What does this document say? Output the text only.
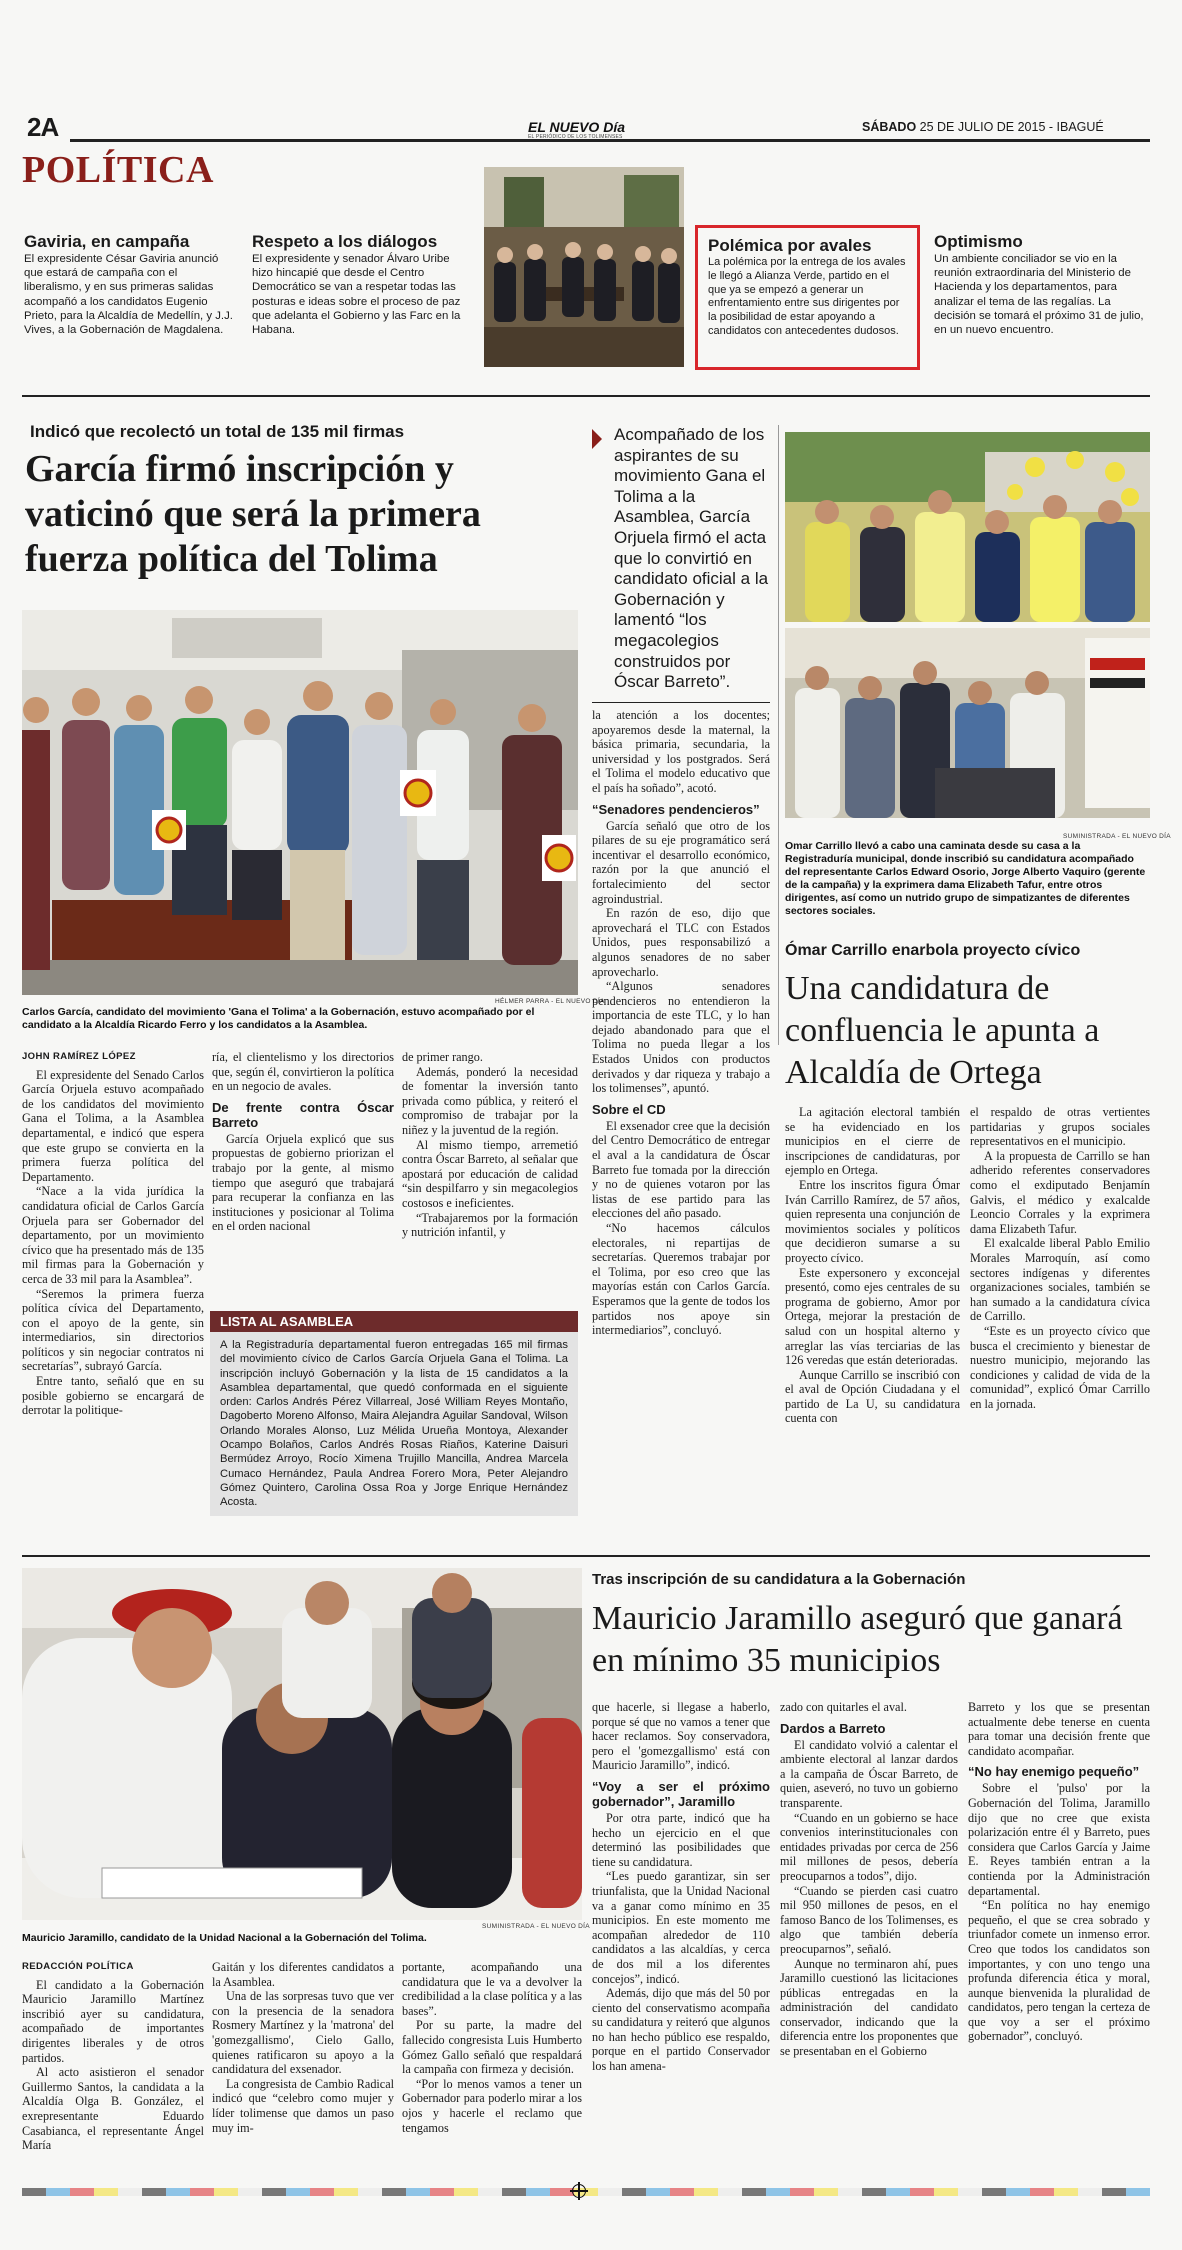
2A
POLÍTICA
EL NUEVO Día
EL PERIÓDICO DE LOS TOLIMENSES
SÁBADO 25 DE JULIO DE 2015 - IBAGUÉ
Gaviria, en campaña
El expresidente César Gaviria anunció que estará de campaña con el liberalismo, y en sus primeras salidas acompañó a los candidatos Eugenio Prieto, para la Alcaldía de Medellín, y J.J. Vives, a la Gobernación de Magdalena.
Respeto a los diálogos
El expresidente y senador Álvaro Uribe hizo hincapié que desde el Centro Democrático se van a respetar todas las posturas e ideas sobre el proceso de paz que adelanta el Gobierno y las Farc en la Habana.
Polémica por avales
La polémica por la entrega de los avales le llegó a Alianza Verde, partido en el que ya se empezó a generar un enfrentamiento entre sus dirigentes por la posibilidad de estar apoyando a candidatos con antecedentes dudosos.
Optimismo
Un ambiente conciliador se vio en la reunión extraordinaria del Ministerio de Hacienda y los departamentos, para analizar el tema de las regalías. La decisión se tomará el próximo 31 de julio, en un nuevo encuentro.
Indicó que recolectó un total de 135 mil firmas
García firmó inscripción y vaticinó que será la primera fuerza política del Tolima
HÉLMER PARRA - EL NUEVO DÍA
Carlos García, candidato del movimiento 'Gana el Tolima' a la Gobernación, estuvo acompañado por el candidato a la Alcaldía Ricardo Ferro y los candidatos a la Asamblea.
JOHN RAMÍREZ LÓPEZ

El expresidente del Senado Carlos García Orjuela estuvo acompañado de los candidatos del movimiento Gana el Tolima, a la Asamblea departamental, e indicó que espera que este grupo se convierta en la primera fuerza política del Departamento.

“Nace a la vida jurídica la candidatura oficial de Carlos García Orjuela para ser Gobernador del departamento, por un movimiento cívico que ha presentado más de 135 mil firmas para la Gobernación y cerca de 33 mil para la Asamblea”.

“Seremos la primera fuerza política cívica del Departamento, con el apoyo de la gente, sin intermediarios, sin directorios políticos y sin negociar contratos ni secretarías”, subrayó García.

Entre tanto, señaló que en su posible gobierno se encargará de derrotar la politique-

ría, el clientelismo y los directorios que, según él, convirtieron la política en un negocio de avales.

De frente contra Óscar Barreto

García Orjuela explicó que sus propuestas de gobierno priorizan el trabajo por la gente, al mismo tiempo que aseguró que trabajará para recuperar la confianza en las instituciones y posicionar al Tolima en el orden nacional

de primer rango.

Además, ponderó la necesidad de fomentar la inversión tanto privada como pública, y reiteró el compromiso de trabajar por la niñez y la juventud de la región.

Al mismo tiempo, arremetió contra Óscar Barreto, al señalar que apostará por educación de calidad “sin despilfarro y sin megacolegios costosos e ineficientes.

“Trabajaremos por la formación y nutrición infantil, y

LISTA AL ASAMBLEA
A la Registraduría departamental fueron entregadas 165 mil firmas del movimiento cívico de Carlos García Orjuela Gana el Tolima. La inscripción incluyó Gobernación y la lista de 15 candidatos a la Asamblea departamental, que quedó conformada en el siguiente orden: Carlos Andrés Pérez Villarreal, José William Reyes Montaño, Dagoberto Moreno Alfonso, Maira Alejandra Aguilar Sandoval, Wilson Orlando Morales Alonso, Luz Mélida Urueña Montoya, Alexander Ocampo Bolaños, Carlos Andrés Rosas Riaños, Katerine Daisuri Bermúdez Arroyo, Rocío Ximena Trujillo Mancilla, Andrea Marcela Cumaco Hernández, Paula Andrea Forero Mora, Peter Alejandro Gómez Quintero, Carolina Ossa Roa y Jorge Enrique Hernández Acosta.
Acompañado de los aspirantes de su movimiento Gana el Tolima a la Asamblea, García Orjuela firmó el acta que lo convirtió en candidato oficial a la Gobernación y lamentó “los megacolegios construidos por Óscar Barreto”.

la atención a los docentes; apoyaremos desde la maternal, la básica primaria, secundaria, la universidad y los postgrados. Será el Tolima el modelo educativo que el país ha soñado”, acotó.

“Senadores pendencieros”

García señaló que otro de los pilares de su eje programático será incentivar el desarrollo económico, razón por la que anunció el fortalecimiento del sector agroindustrial.

En razón de eso, dijo que aprovechará el TLC con Estados Unidos, pues responsabilizó a algunos senadores de no saber aprovecharlo.

“Algunos senadores pendencieros no entendieron la importancia de este TLC, y lo han dejado abandonado para que el Tolima no pueda llegar a los Estados Unidos con productos derivados y dar riqueza y trabajo a los tolimenses”, apuntó.

Sobre el CD

El exsenador cree que la decisión del Centro Democrático de entregar el aval a la candidatura de Óscar Barreto fue tomada por la dirección y no de quienes votaron por las listas de ese partido para las elecciones del año pasado.

“No hacemos cálculos electorales, ni repartijas de secretarías. Queremos trabajar por el Tolima, por eso creo que las mayorías están con Carlos García. Esperamos que la gente de todos los partidos nos apoye sin intermediarios”, concluyó.

SUMINISTRADA - EL NUEVO DÍA
Omar Carrillo llevó a cabo una caminata desde su casa a la Registraduría municipal, donde inscribió su candidatura acompañado del representante Carlos Edward Osorio, Jorge Alberto Vaquiro (gerente de la campaña) y la exprimera dama Elizabeth Tafur, entre otros dirigentes, así como un nutrido grupo de simpatizantes de diferentes sectores sociales.
Ómar Carrillo enarbola proyecto cívico
Una candidatura de confluencia le apunta a Alcaldía de Ortega

La agitación electoral también se ha evidenciado en los municipios en el cierre de inscripciones de candidaturas, por ejemplo en Ortega.

Entre los inscritos figura Ómar Iván Carrillo Ramírez, de 57 años, quien representa una conjunción de movimientos sociales y políticos que decidieron sumarse a su proyecto cívico.

Este expersonero y exconcejal presentó, como ejes centrales de su programa de gobierno, Amor por Ortega, mejorar la prestación de salud con un hospital alterno y arreglar las vías terciarias de las 126 veredas que están deterioradas.

Aunque Carrillo se inscribió con el aval de Opción Ciudadana y el partido de La U, su candidatura cuenta con

el respaldo de otras vertientes partidarias y grupos sociales representativos en el municipio.

A la propuesta de Carrillo se han adherido referentes conservadores como el exdiputado Benjamín Galvis, el médico y exalcalde Leoncio Corrales y la exprimera dama Elizabeth Tafur.

El exalcalde liberal Pablo Emilio Morales Marroquín, así como sectores indígenas y diferentes organizaciones sociales, también se han sumado a la candidatura cívica de Carrillo.

“Este es un proyecto cívico que busca el crecimiento y bienestar de nuestro municipio, mejorando las condiciones y calidad de vida de la comunidad”, explicó Ómar Carrillo en la jornada.

SUMINISTRADA - EL NUEVO DÍA
Mauricio Jaramillo, candidato de la Unidad Nacional a la Gobernación del Tolima.
Tras inscripción de su candidatura a la Gobernación
Mauricio Jaramillo aseguró que ganará en mínimo 35 municipios
REDACCIÓN POLÍTICA

El candidato a la Gobernación Mauricio Jaramillo Martínez inscribió ayer su candidatura, acompañado de importantes dirigentes liberales y de otros partidos.

Al acto asistieron el senador Guillermo Santos, la candidata a la Alcaldía Olga B. González, el exrepresentante Eduardo Casabianca, el representante Ángel María

Gaitán y los diferentes candidatos a la Asamblea.

Una de las sorpresas tuvo que ver con la presencia de la senadora Rosmery Martínez y la 'matrona' del 'gomezgallismo', Cielo Gallo, quienes ratificaron su apoyo a la candidatura del exsenador.

La congresista de Cambio Radical indicó que “celebro como mujer y líder tolimense que damos un paso muy im-

portante, acompañando una candidatura que le va a devolver la credibilidad a la clase política y a las bases”.

Por su parte, la madre del fallecido congresista Luis Humberto Gómez Gallo señaló que respaldará la campaña con firmeza y decisión.

“Por lo menos vamos a tener un Gobernador para poderlo mirar a los ojos y hacerle el reclamo que tengamos

que hacerle, si llegase a haberlo, porque sé que no vamos a tener que hacer reclamos. Soy conservadora, pero el 'gomezgallismo' está con Mauricio Jaramillo”, indicó.

“Voy a ser el próximo gobernador”, Jaramillo

Por otra parte, indicó que ha hecho un ejercicio en el que determinó las posibilidades que tiene su candidatura.

“Les puedo garantizar, sin ser triunfalista, que la Unidad Nacional va a ganar como mínimo en 35 municipios. En este momento me acompañan alrededor de 110 candidatos a las alcaldías, y cerca de dos mil a los diferentes concejos”, indicó.

Además, dijo que más del 50 por ciento del conservatismo acompaña su candidatura y reiteró que algunos no han hecho público ese respaldo, porque en el partido Conservador los han amena-

zado con quitarles el aval.

Dardos a Barreto

El candidato volvió a calentar el ambiente electoral al lanzar dardos a la campaña de Óscar Barreto, de quien, aseveró, no tuvo un gobierno transparente.

“Cuando en un gobierno se hace convenios interinstitucionales con entidades privadas por cerca de 256 mil millones de pesos, debería preocuparnos a todos”, dijo.

“Cuando se pierden casi cuatro mil 950 millones de pesos, en el famoso Banco de los Tolimenses, es algo que también debería preocuparnos”, señaló.

Aunque no terminaron ahí, pues Jaramillo cuestionó las licitaciones públicas entregadas en la administración del candidato conservador, indicando que la diferencia entre los proponentes que se presentaban en el Gobierno

Barreto y los que se presentan actualmente debe tenerse en cuenta para tomar una decisión frente que candidato acompañar.

“No hay enemigo pequeño”

Sobre el 'pulso' por la Gobernación del Tolima, Jaramillo dijo que no cree que exista polarización entre él y Barreto, pues considera que Carlos García y Jaime E. Reyes también entran a la contienda por la Administración departamental.

“En política no hay enemigo pequeño, el que se crea sobrado y triunfador comete un inmenso error. Creo que todos los candidatos son importantes, y con uno tengo una profunda diferencia ética y moral, aunque bienvenida la pluralidad de candidatos, pero tengan la certeza de que voy a ser el próximo gobernador”, concluyó.
